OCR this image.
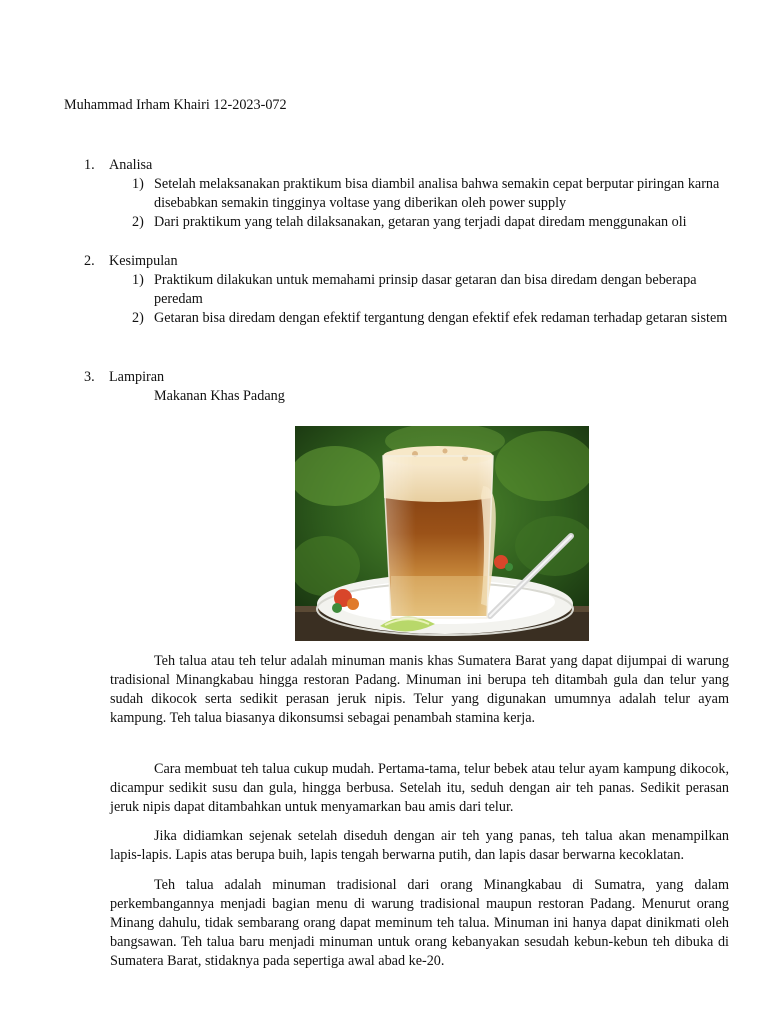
Muhammad Irham Khairi 12-2023-072
1.	Analisa
1) Setelah melaksanakan praktikum bisa diambil analisa bahwa semakin cepat berputar piringan karna disebabkan semakin tingginya voltase yang diberikan oleh power supply
2) Dari praktikum yang telah dilaksanakan, getaran yang terjadi dapat diredam menggunakan oli
2.	Kesimpulan
1) Praktikum dilakukan untuk memahami prinsip dasar getaran dan bisa diredam dengan beberapa peredam
2) Getaran bisa diredam dengan efektif tergantung dengan efektif efek redaman terhadap getaran sistem
3.	Lampiran
Makanan Khas Padang

Teh talua atau teh telur adalah minuman manis khas Sumatera Barat yang dapat dijumpai di warung tradisional Minangkabau hingga restoran Padang. Minuman ini berupa teh ditambah gula dan telur yang sudah dikocok serta sedikit perasan jeruk nipis. Telur yang digunakan umumnya adalah telur ayam kampung. Teh talua biasanya dikonsumsi sebagai penambah stamina kerja.

Cara membuat teh talua cukup mudah. Pertama-tama, telur bebek atau telur ayam kampung dikocok, dicampur sedikit susu dan gula, hingga berbusa. Setelah itu, seduh dengan air teh panas. Sedikit perasan jeruk nipis dapat ditambahkan untuk menyamarkan bau amis dari telur.

Jika didiamkan sejenak setelah diseduh dengan air teh yang panas, teh talua akan menampilkan lapis-lapis. Lapis atas berupa buih, lapis tengah berwarna putih, dan lapis dasar berwarna kecoklatan.

Teh talua adalah minuman tradisional dari orang Minangkabau di Sumatra, yang dalam perkembangannya menjadi bagian menu di warung tradisional maupun restoran Padang. Menurut orang Minang dahulu, tidak sembarang orang dapat meminum teh talua. Minuman ini hanya dapat dinikmati oleh bangsawan. Teh talua baru menjadi minuman untuk orang kebanyakan sesudah kebun-kebun teh dibuka di Sumatera Barat, stidaknya pada sepertiga awal abad ke-20.
